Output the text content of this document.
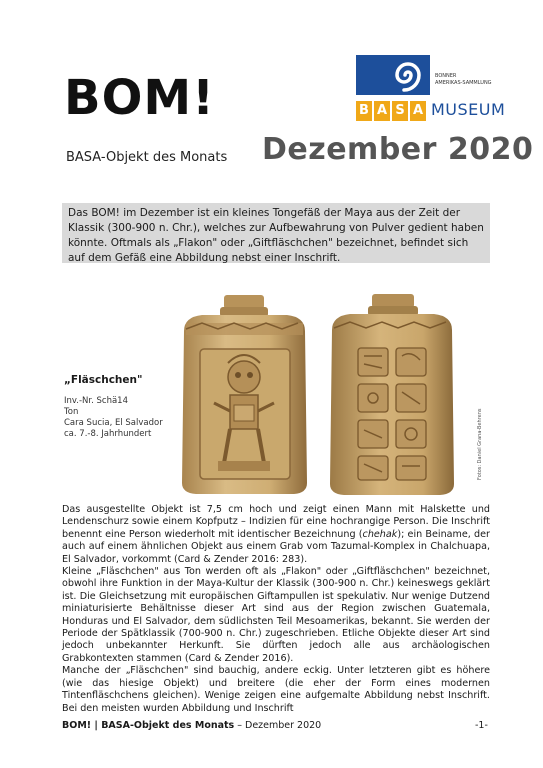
BOM!
BASA-Objekt des Monats Dezember 2020
BONNER
AMERIKAS-SAMMLUNG
B A S A MUSEUM
Das BOM! im Dezember ist ein kleines Tongefäß der Maya aus der Zeit der Klassik (300-900 n. Chr.), welches zur Aufbewahrung von Pulver gedient haben könnte. Oftmals als „Flakon" oder „Giftfläschchen" bezeichnet, befindet sich auf dem Gefäß eine Abbildung nebst einer Inschrift.
Fotos: Daniel Grana-Behrens
„Fläschchen"
Inv.-Nr. Schä14
Ton
Cara Sucia, El Salvador
ca. 7.-8. Jahrhundert

Das ausgestellte Objekt ist 7,5 cm hoch und zeigt einen Mann mit Halskette und Lendenschurz sowie einem Kopfputz – Indizien für eine hochrangige Person. Die Inschrift benennt eine Person wiederholt mit identischer Bezeichnung (chehak); ein Beiname, der auch auf einem ähnlichen Objekt aus einem Grab vom Tazumal-Komplex in Chalchuapa, El Salvador, vorkommt (Card & Zender 2016: 283).

Kleine „Fläschchen" aus Ton werden oft als „Flakon" oder „Giftfläschchen" bezeichnet, obwohl ihre Funktion in der Maya-Kultur der Klassik (300-900 n. Chr.) keineswegs geklärt ist. Die Gleichsetzung mit europäischen Giftampullen ist spekulativ. Nur wenige Dutzend miniaturisierte Behältnisse dieser Art sind aus der Region zwischen Guatemala, Honduras und El Salvador, dem südlichsten Teil Mesoamerikas, bekannt. Sie werden der Periode der Spätklassik (700-900 n. Chr.) zugeschrieben. Etliche Objekte dieser Art sind jedoch unbekannter Herkunft. Sie dürften jedoch alle aus archäologischen Grabkontexten stammen (Card & Zender 2016).

Manche der „Fläschchen" sind bauchig, andere eckig. Unter letzteren gibt es höhere (wie das hiesige Objekt) und breitere (die eher der Form eines modernen Tintenfläschchens gleichen). Wenige zeigen eine aufgemalte Abbildung nebst Inschrift. Bei den meisten wurden Abbildung und Inschrift

BOM! | BASA-Objekt des Monats – Dezember 2020	-1-
